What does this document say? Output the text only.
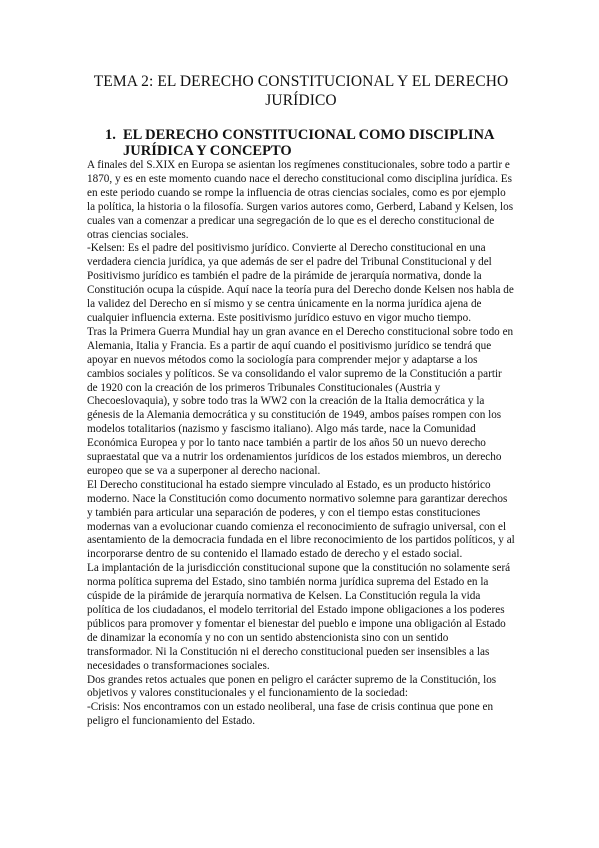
TEMA 2: EL DERECHO CONSTITUCIONAL Y EL DERECHO JURÍDICO
1. EL DERECHO CONSTITUCIONAL COMO DISCIPLINA JURÍDICA Y CONCEPTO

A finales del S.XIX en Europa se asientan los regímenes constitucionales, sobre todo a partir e 1870, y es en este momento cuando nace el derecho constitucional como disciplina jurídica. Es en este periodo cuando se rompe la influencia de otras ciencias sociales, como es por ejemplo la política, la historia o la filosofía. Surgen varios autores como, Gerberd, Laband y Kelsen, los cuales van a comenzar a predicar una segregación de lo que es el derecho constitucional de otras ciencias sociales.

-Kelsen: Es el padre del positivismo jurídico. Convierte al Derecho constitucional en una verdadera ciencia jurídica, ya que además de ser el padre del Tribunal Constitucional y del Positivismo jurídico es también el padre de la pirámide de jerarquía normativa, donde la Constitución ocupa la cúspide. Aquí nace la teoría pura del Derecho donde Kelsen nos habla de la validez del Derecho en sí mismo y se centra únicamente en la norma jurídica ajena de cualquier influencia externa. Este positivismo jurídico estuvo en vigor mucho tiempo.

Tras la Primera Guerra Mundial hay un gran avance en el Derecho constitucional sobre todo en Alemania, Italia y Francia. Es a partir de aquí cuando el positivismo jurídico se tendrá que apoyar en nuevos métodos como la sociología para comprender mejor y adaptarse a los cambios sociales y políticos. Se va consolidando el valor supremo de la Constitución a partir de 1920 con la creación de los primeros Tribunales Constitucionales (Austria y Checoeslovaquia), y sobre todo tras la WW2 con la creación de la Italia democrática y la génesis de la Alemania democrática y su constitución de 1949, ambos países rompen con los modelos totalitarios (nazismo y fascismo italiano). Algo más tarde, nace la Comunidad Económica Europea y por lo tanto nace también a partir de los años 50 un nuevo derecho supraestatal que va a nutrir los ordenamientos jurídicos de los estados miembros, un derecho europeo que se va a superponer al derecho nacional.

El Derecho constitucional ha estado siempre vinculado al Estado, es un producto histórico moderno. Nace la Constitución como documento normativo solemne para garantizar derechos y también para articular una separación de poderes, y con el tiempo estas constituciones modernas van a evolucionar cuando comienza el reconocimiento de sufragio universal, con el asentamiento de la democracia fundada en el libre reconocimiento de los partidos políticos, y al incorporarse dentro de su contenido el llamado estado de derecho y el estado social.

La implantación de la jurisdicción constitucional supone que la constitución no solamente será norma política suprema del Estado, sino también norma jurídica suprema del Estado en la cúspide de la pirámide de jerarquía normativa de Kelsen. La Constitución regula la vida política de los ciudadanos, el modelo territorial del Estado impone obligaciones a los poderes públicos para promover y fomentar el bienestar del pueblo e impone una obligación al Estado de dinamizar la economía y no con un sentido abstencionista sino con un sentido transformador. Ni la Constitución ni el derecho constitucional pueden ser insensibles a las necesidades o transformaciones sociales.

Dos grandes retos actuales que ponen en peligro el carácter supremo de la Constitución, los objetivos y valores constitucionales y el funcionamiento de la sociedad:

-Crisis: Nos encontramos con un estado neoliberal, una fase de crisis continua que pone en peligro el funcionamiento del Estado.
